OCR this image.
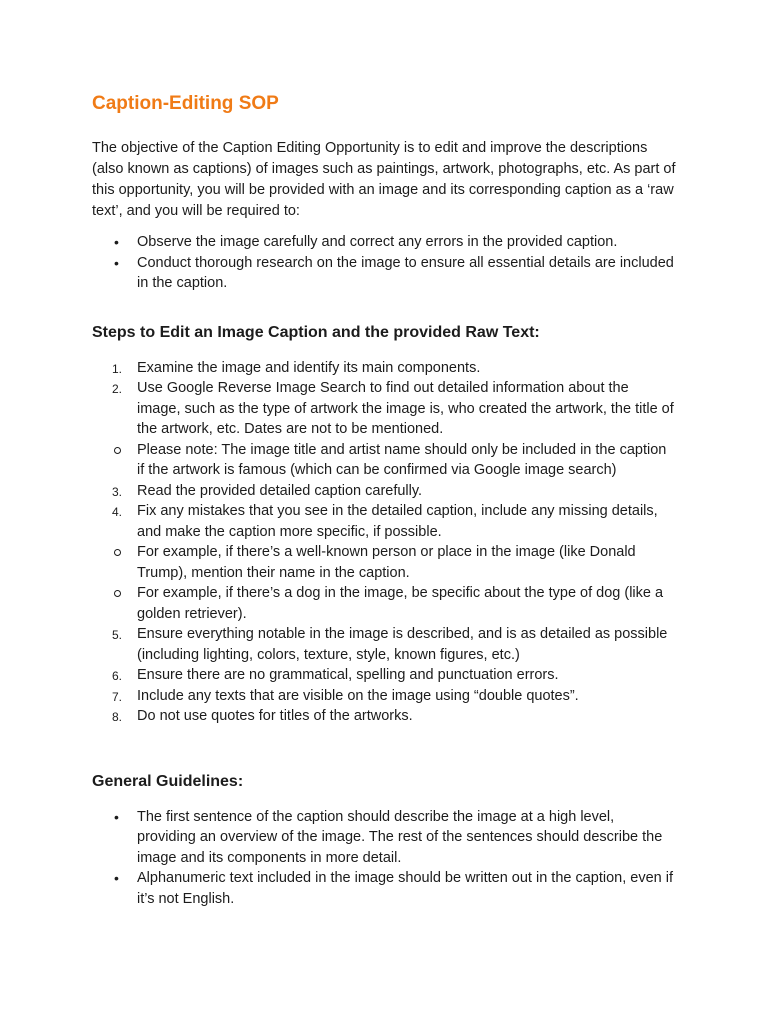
Caption-Editing SOP

The objective of the Caption Editing Opportunity is to edit and improve the descriptions (also known as captions) of images such as paintings, artwork, photographs, etc. As part of this opportunity, you will be provided with an image and its corresponding caption as a ‘raw text’, and you will be required to:

• Observe the image carefully and correct any errors in the provided caption.
• Conduct thorough research on the image to ensure all essential details are included in the caption.
Steps to Edit an Image Caption and the provided Raw Text:
1. Examine the image and identify its main components.
2. Use Google Reverse Image Search to find out detailed information about the image, such as the type of artwork the image is, who created the artwork, the title of the artwork, etc. Dates are not to be mentioned.
Please note: The image title and artist name should only be included in the caption if the artwork is famous (which can be confirmed via Google image search)
3. Read the provided detailed caption carefully.
4. Fix any mistakes that you see in the detailed caption, include any missing details, and make the caption more specific, if possible.
For example, if there’s a well-known person or place in the image (like Donald Trump), mention their name in the caption.
For example, if there’s a dog in the image, be specific about the type of dog (like a golden retriever).
5. Ensure everything notable in the image is described, and is as detailed as possible (including lighting, colors, texture, style, known figures, etc.)
6. Ensure there are no grammatical, spelling and punctuation errors.
7. Include any texts that are visible on the image using “double quotes”.
8. Do not use quotes for titles of the artworks.
General Guidelines:
• The first sentence of the caption should describe the image at a high level, providing an overview of the image. The rest of the sentences should describe the image and its components in more detail.
• Alphanumeric text included in the image should be written out in the caption, even if it’s not English.
